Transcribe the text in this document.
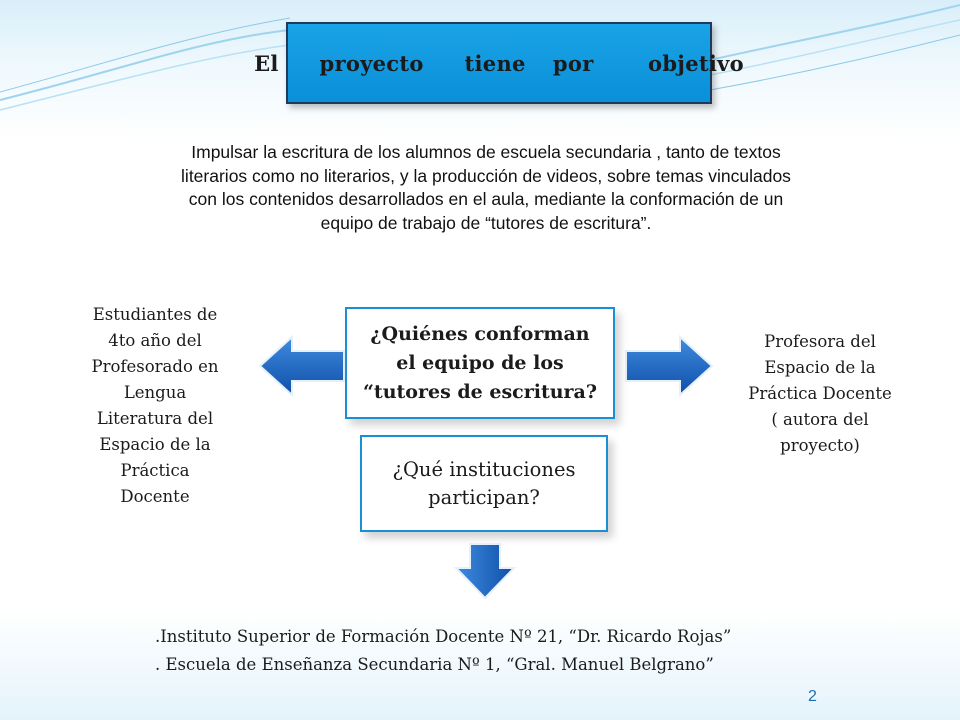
El   proyecto   tiene  por    objetivo
Impulsar la escritura de los alumnos de escuela secundaria , tanto de textos
literarios como no literarios, y la producción de videos, sobre temas vinculados
con los contenidos desarrollados en el aula, mediante la conformación de un
equipo de trabajo de “tutores de escritura”.
Estudiantes de
4to año del
Profesorado en
Lengua
Literatura del
Espacio de la
Práctica
Docente
Profesora del
Espacio de la
Práctica Docente
( autora del
proyecto)
¿Quiénes conforman
el equipo de los
“tutores de escritura?
¿Qué instituciones
participan?
.Instituto Superior de Formación Docente Nº 21, “Dr. Ricardo Rojas”
. Escuela de Enseñanza Secundaria Nº 1, “Gral. Manuel Belgrano”
2
